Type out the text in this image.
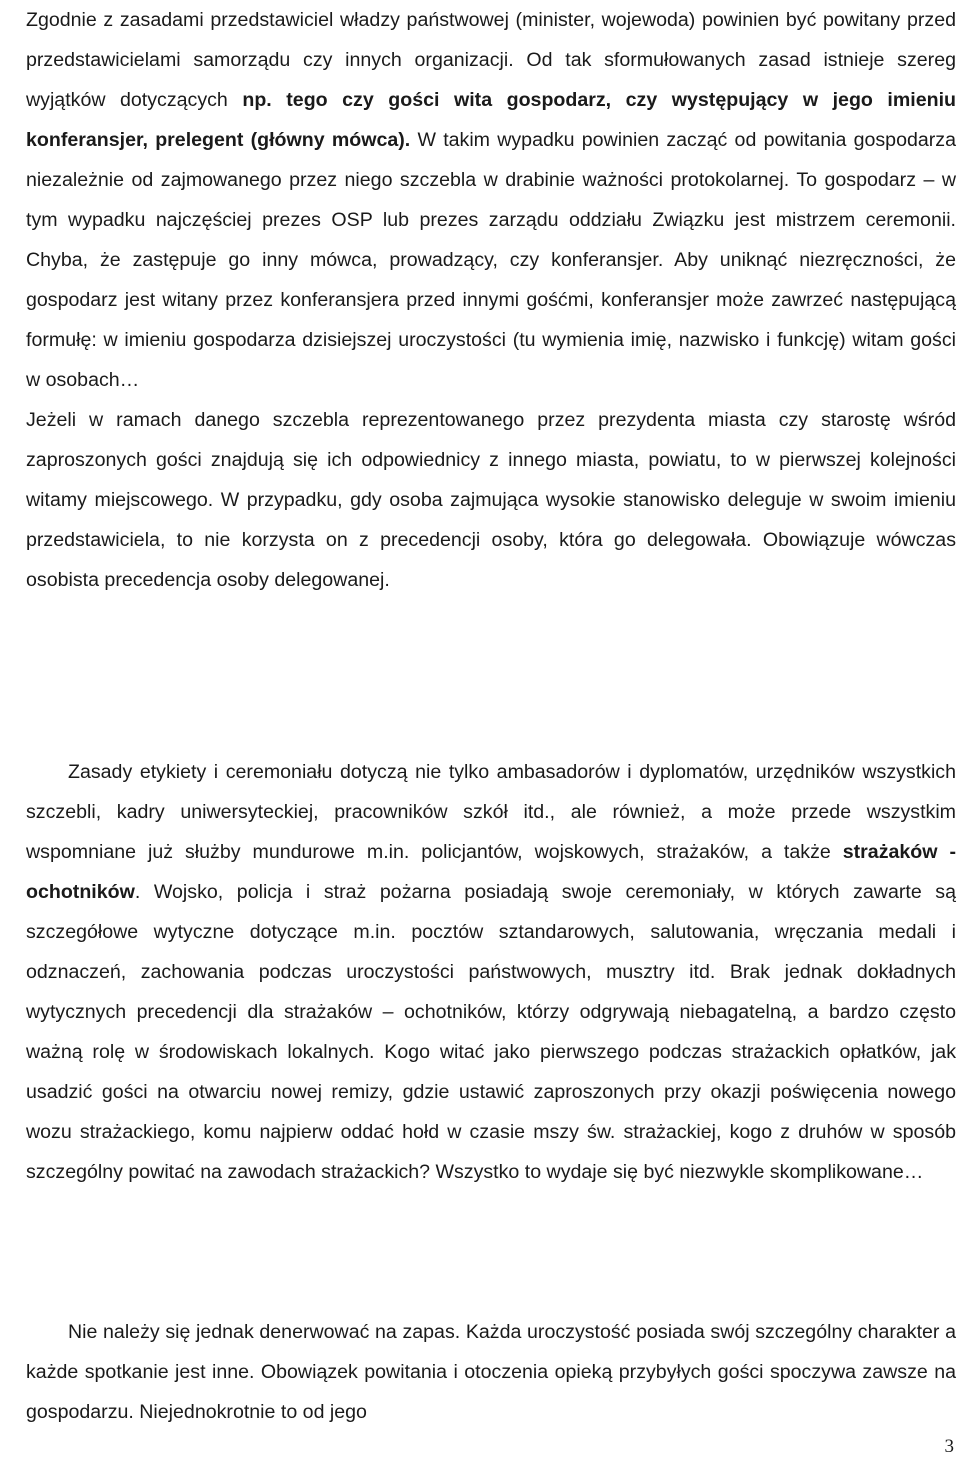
Zgodnie z zasadami przedstawiciel władzy państwowej (minister, wojewoda) powinien być powitany przed przedstawicielami samorządu czy innych organizacji. Od tak sformułowanych zasad istnieje szereg wyjątków dotyczących np. tego czy gości wita gospodarz, czy występujący w jego imieniu konferansjer, prelegent (główny mówca). W takim wypadku powinien zacząć od powitania gospodarza niezależnie od zajmowanego przez niego szczebla w drabinie ważności protokolarnej. To gospodarz – w tym wypadku najczęściej prezes OSP lub prezes zarządu oddziału Związku jest mistrzem ceremonii. Chyba, że zastępuje go inny mówca, prowadzący, czy konferansjer. Aby uniknąć niezręczności, że gospodarz jest witany przez konferansjera przed innymi gośćmi, konferansjer może zawrzeć następującą formułę: w imieniu gospodarza dzisiejszej uroczystości (tu wymienia imię, nazwisko i funkcję) witam gości w osobach…
Jeżeli w ramach danego szczebla reprezentowanego przez prezydenta miasta czy starostę wśród zaproszonych gości znajdują się ich odpowiednicy z innego miasta, powiatu, to w pierwszej kolejności witamy miejscowego. W przypadku, gdy osoba zajmująca wysokie stanowisko deleguje w swoim imieniu przedstawiciela, to nie korzysta on z precedencji osoby, która go delegowała. Obowiązuje wówczas osobista precedencja osoby delegowanej.

Zasady etykiety i ceremoniału dotyczą nie tylko ambasadorów i dyplomatów, urzędników wszystkich szczebli, kadry uniwersyteckiej, pracowników szkół itd., ale również, a może przede wszystkim wspomniane już służby mundurowe m.in. policjantów, wojskowych, strażaków, a także strażaków - ochotników. Wojsko, policja i straż pożarna posiadają swoje ceremoniały, w których zawarte są szczegółowe wytyczne dotyczące m.in. pocztów sztandarowych, salutowania, wręczania medali i odznaczeń, zachowania podczas uroczystości państwowych, musztry itd. Brak jednak dokładnych wytycznych precedencji dla strażaków – ochotników, którzy odgrywają niebagatelną, a bardzo często ważną rolę w środowiskach lokalnych. Kogo witać jako pierwszego podczas strażackich opłatków, jak usadzić gości na otwarciu nowej remizy, gdzie ustawić zaproszonych przy okazji poświęcenia nowego wozu strażackiego, komu najpierw oddać hołd w czasie mszy św. strażackiej, kogo z druhów w sposób szczególny powitać na zawodach strażackich? Wszystko to wydaje się być niezwykle skomplikowane…

Nie należy się jednak denerwować na zapas. Każda uroczystość posiada swój szczególny charakter a każde spotkanie jest inne. Obowiązek powitania i otoczenia opieką przybyłych gości spoczywa zawsze na gospodarzu. Niejednokrotnie to od jego

3
